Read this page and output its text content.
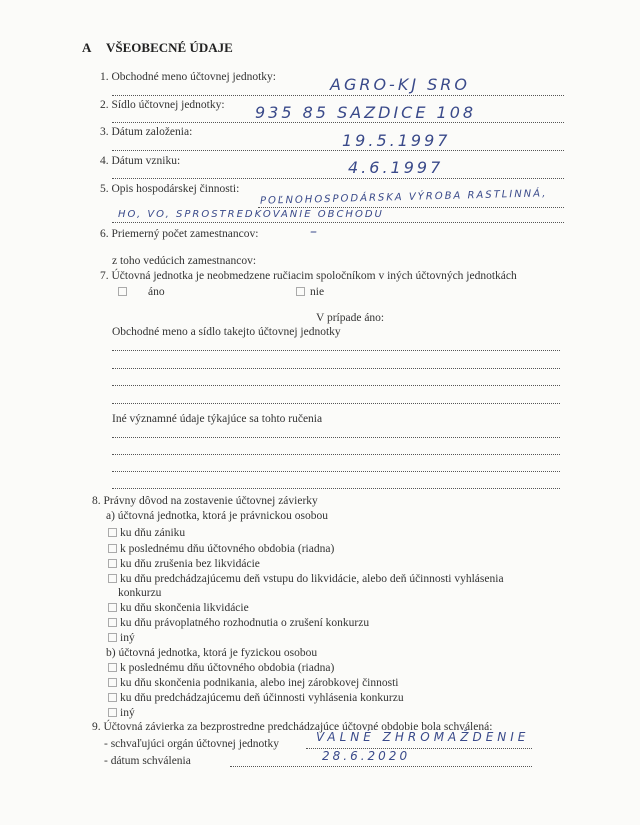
A VŠEOBECNÉ ÚDAJE
1. Obchodné meno účtovnej jednotky:	AGRO-KJ SRO
2. Sídlo účtovnej jednotky: 935 85 SAZDICE 108
3. Dátum založenia:	19.5.1997
4. Dátum vzniku:	4.6.1997
5. Opis hospodárskej činnosti: POĽNOHOSPODÁRSKA VÝROBA RASTLINNÁ,
HO, VO, SPROSTREDKOVANIE OBCHODU
6. Priemerný počet zamestnancov:	–
z toho vedúcich zamestnancov:
7. Účtovná jednotka je neobmedzene ručiacim spoločníkom v iných účtovných jednotkách
áno	nie
V prípade áno:
Obchodné meno a sídlo takejto účtovnej jednotky
Iné významné údaje týkajúce sa tohto ručenia
8. Právny dôvod na zostavenie účtovnej závierky
a) účtovná jednotka, ktorá je právnickou osobou
ku dňu zániku
k poslednému dňu účtovného obdobia (riadna)
ku dňu zrušenia bez likvidácie
ku dňu predchádzajúcemu deň vstupu do likvidácie, alebo deň účinnosti vyhlásenia
konkurzu
ku dňu skončenia likvidácie
ku dňu právoplatného rozhodnutia o zrušení konkurzu
iný
b) účtovná jednotka, ktorá je fyzickou osobou
k poslednému dňu účtovného obdobia (riadna)
ku dňu skončenia podnikania, alebo inej zárobkovej činnosti
ku dňu predchádzajúcemu deň účinnosti vyhlásenia konkurzu
iný
9. Účtovná závierka za bezprostredne predchádzajúce účtovné obdobie bola schválená:
- schvaľujúci orgán účtovnej jednotky	VALNÉ ZHROMAŽDENIE
- dátum schválenia	28.6.2020
